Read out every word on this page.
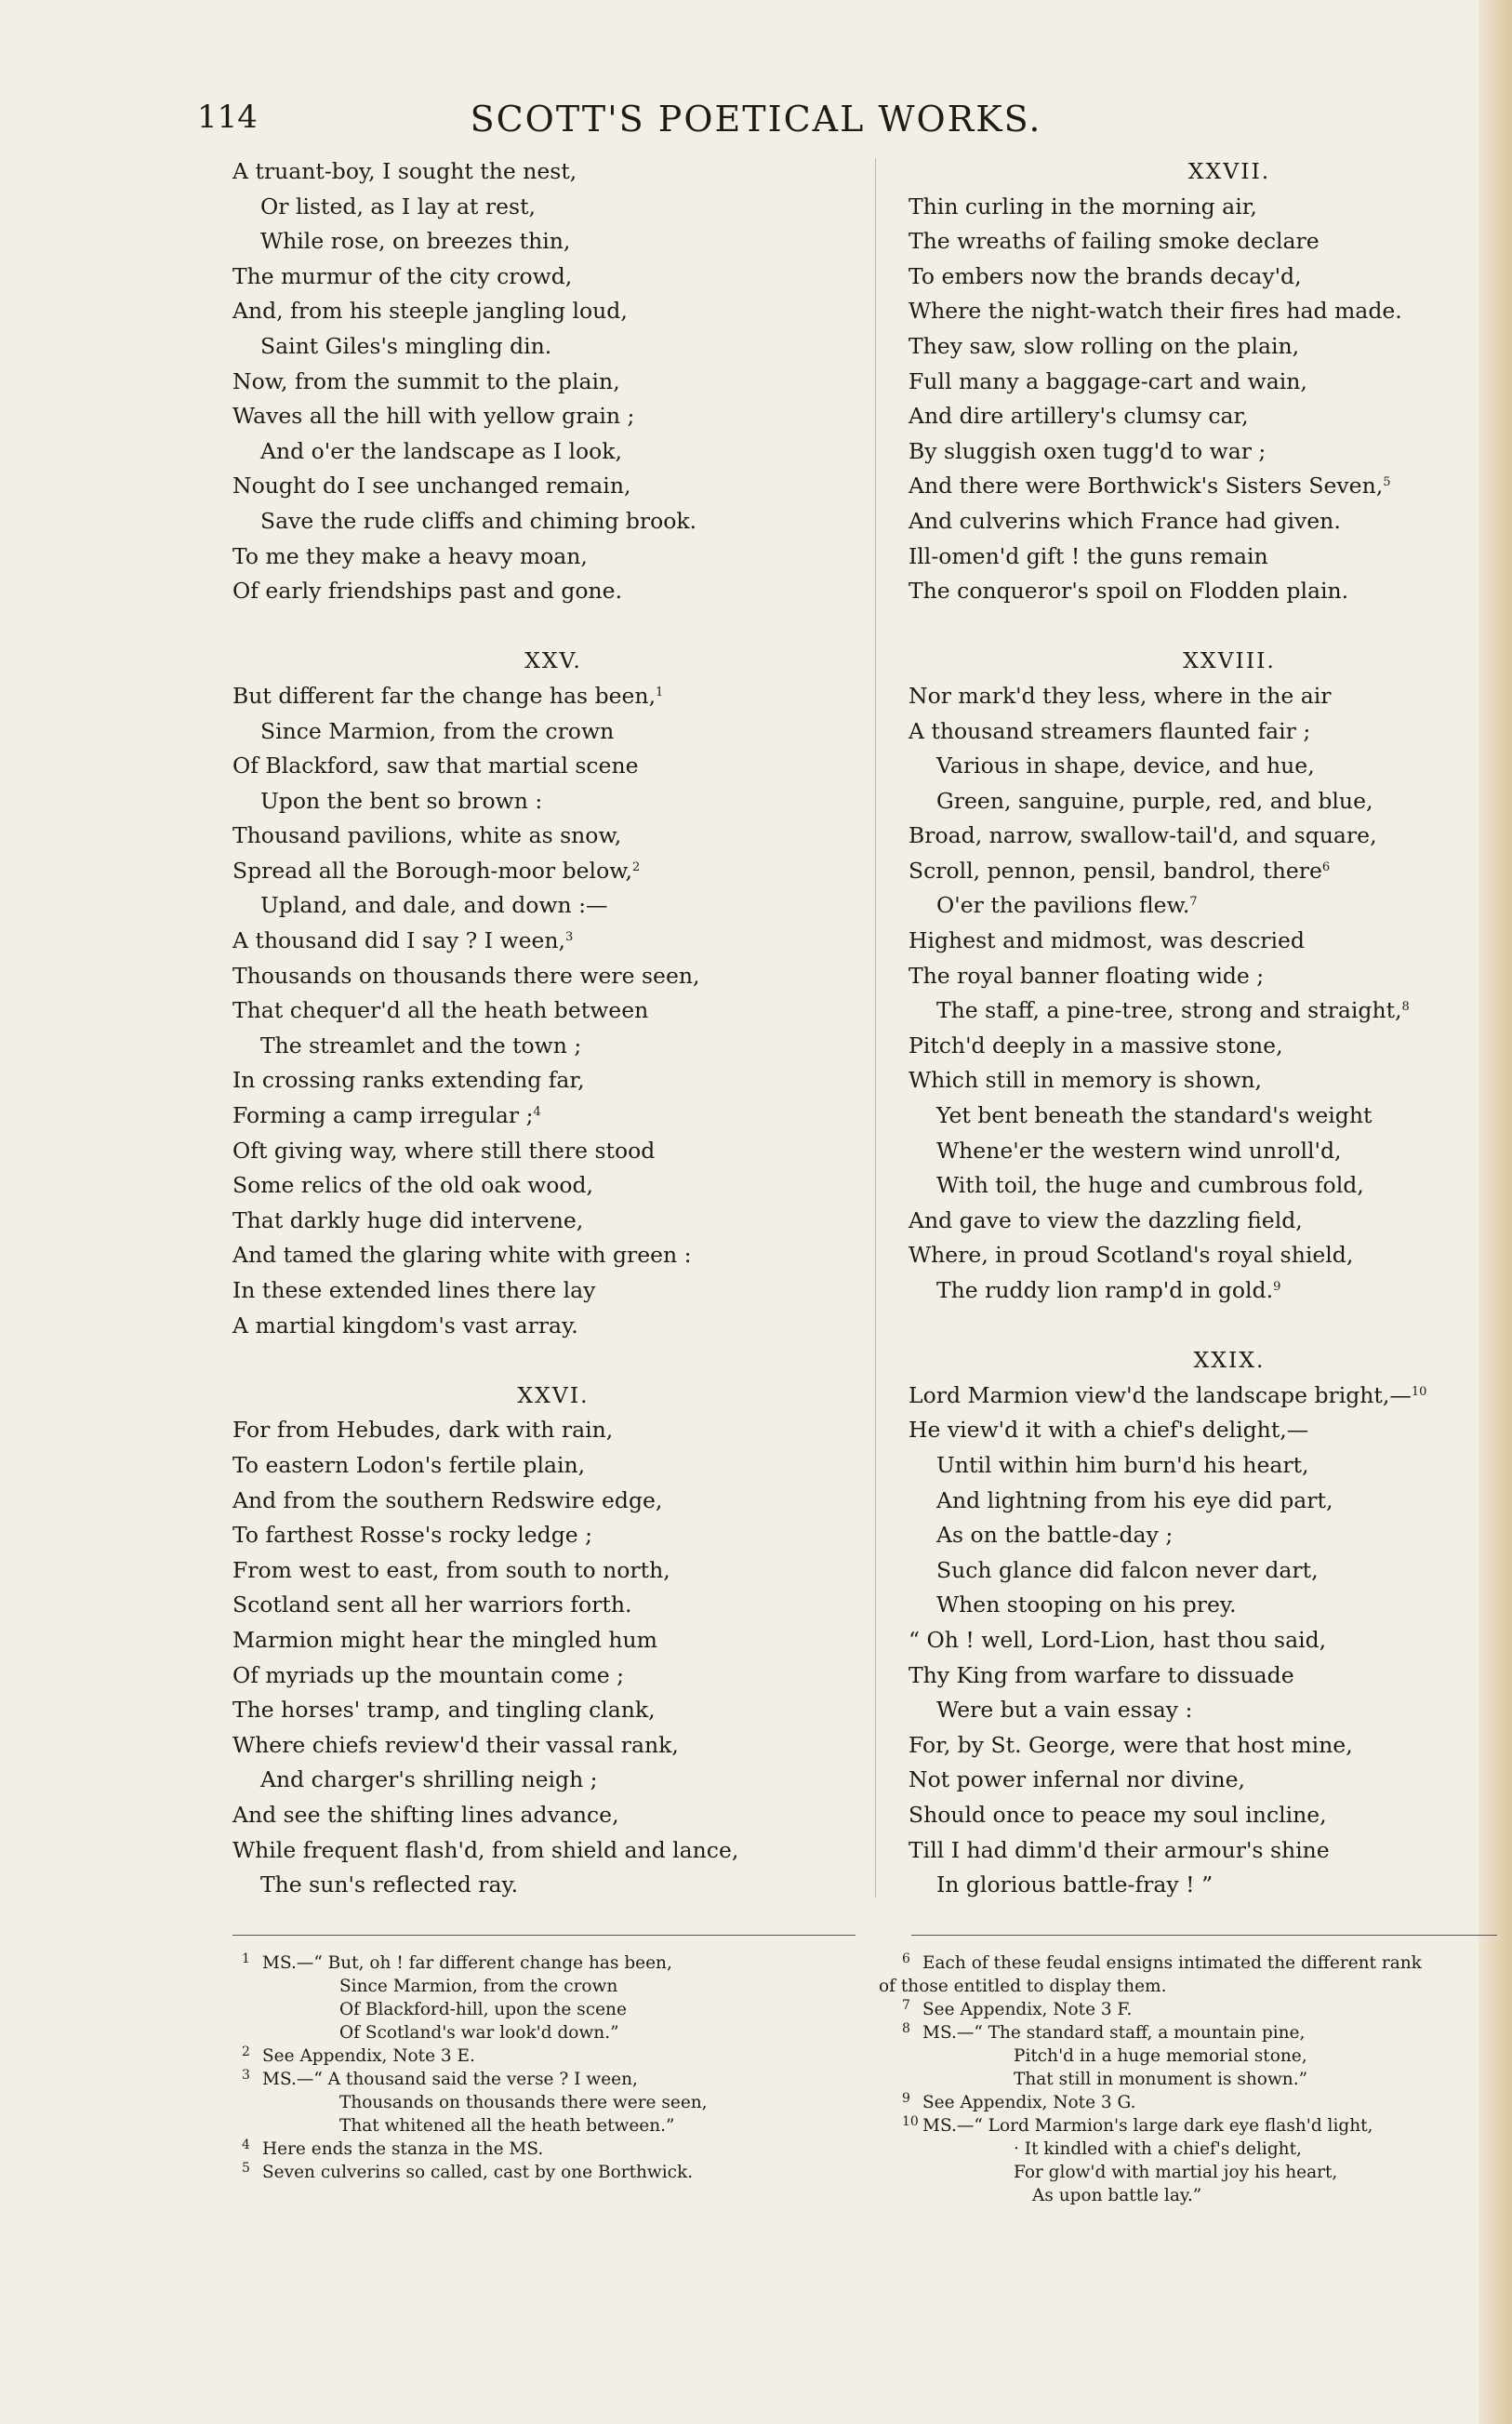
114	SCOTT'S POETICAL WORKS.
A truant-boy, I sought the nest,
Or listed, as I lay at rest,
While rose, on breezes thin,
The murmur of the city crowd,
And, from his steeple jangling loud,
Saint Giles's mingling din.
Now, from the summit to the plain,
Waves all the hill with yellow grain ;
And o'er the landscape as I look,
Nought do I see unchanged remain,
Save the rude cliffs and chiming brook.
To me they make a heavy moan,
Of early friendships past and gone.
XXV.
But different far the change has been,$^1$
Since Marmion, from the crown
Of Blackford, saw that martial scene
Upon the bent so brown :
Thousand pavilions, white as snow,
Spread all the Borough-moor below,$^2$
Upland, and dale, and down :—
A thousand did I say ? I ween,$^3$
Thousands on thousands there were seen,
That chequer'd all the heath between
The streamlet and the town ;
In crossing ranks extending far,
Forming a camp irregular ;$^4$
Oft giving way, where still there stood
Some relics of the old oak wood,
That darkly huge did intervene,
And tamed the glaring white with green :
In these extended lines there lay
A martial kingdom's vast array.
XXVI.
For from Hebudes, dark with rain,
To eastern Lodon's fertile plain,
And from the southern Redswire edge,
To farthest Rosse's rocky ledge ;
From west to east, from south to north,
Scotland sent all her warriors forth.
Marmion might hear the mingled hum
Of myriads up the mountain come ;
The horses' tramp, and tingling clank,
Where chiefs review'd their vassal rank,
And charger's shrilling neigh ;
And see the shifting lines advance,
While frequent flash'd, from shield and lance,
The sun's reflected ray.
XXVII.
Thin curling in the morning air,
The wreaths of failing smoke declare
To embers now the brands decay'd,
Where the night-watch their fires had made.
They saw, slow rolling on the plain,
Full many a baggage-cart and wain,
And dire artillery's clumsy car,
By sluggish oxen tugg'd to war ;
And there were Borthwick's Sisters Seven,$^5$
And culverins which France had given.
Ill-omen'd gift ! the guns remain
The conqueror's spoil on Flodden plain.
XXVIII.
Nor mark'd they less, where in the air
A thousand streamers flaunted fair ;
Various in shape, device, and hue,
Green, sanguine, purple, red, and blue,
Broad, narrow, swallow-tail'd, and square,
Scroll, pennon, pensil, bandrol, there$^6$
O'er the pavilions flew.$^7$
Highest and midmost, was descried
The royal banner floating wide ;
The staff, a pine-tree, strong and straight,$^8$
Pitch'd deeply in a massive stone,
Which still in memory is shown,
Yet bent beneath the standard's weight
Whene'er the western wind unroll'd,
With toil, the huge and cumbrous fold,
And gave to view the dazzling field,
Where, in proud Scotland's royal shield,
The ruddy lion ramp'd in gold.$^9$
XXIX.
Lord Marmion view'd the landscape bright,—$^{10}$
He view'd it with a chief's delight,—
Until within him burn'd his heart,
And lightning from his eye did part,
As on the battle-day ;
Such glance did falcon never dart,
When stooping on his prey.
“ Oh ! well, Lord-Lion, hast thou said,
Thy King from warfare to dissuade
Were but a vain essay :
For, by St. George, were that host mine,
Not power infernal nor divine,
Should once to peace my soul incline,
Till I had dimm'd their armour's shine
In glorious battle-fray ! ”
1 MS.—“ But, oh ! far different change has been,
Since Marmion, from the crown
Of Blackford-hill, upon the scene
Of Scotland's war look'd down.”
2 See Appendix, Note 3 E.
3 MS.—“ A thousand said the verse ? I ween,
Thousands on thousands there were seen,
That whitened all the heath between.”
4 Here ends the stanza in the MS.
5 Seven culverins so called, cast by one Borthwick.
6 Each of these feudal ensigns intimated the different rank
of those entitled to display them.
7 See Appendix, Note 3 F.
8 MS.—“ The standard staff, a mountain pine,
Pitch'd in a huge memorial stone,
That still in monument is shown.”
9 See Appendix, Note 3 G.
10 MS.—“ Lord Marmion's large dark eye flash'd light,
· It kindled with a chief's delight,
For glow'd with martial joy his heart,
As upon battle lay.”
